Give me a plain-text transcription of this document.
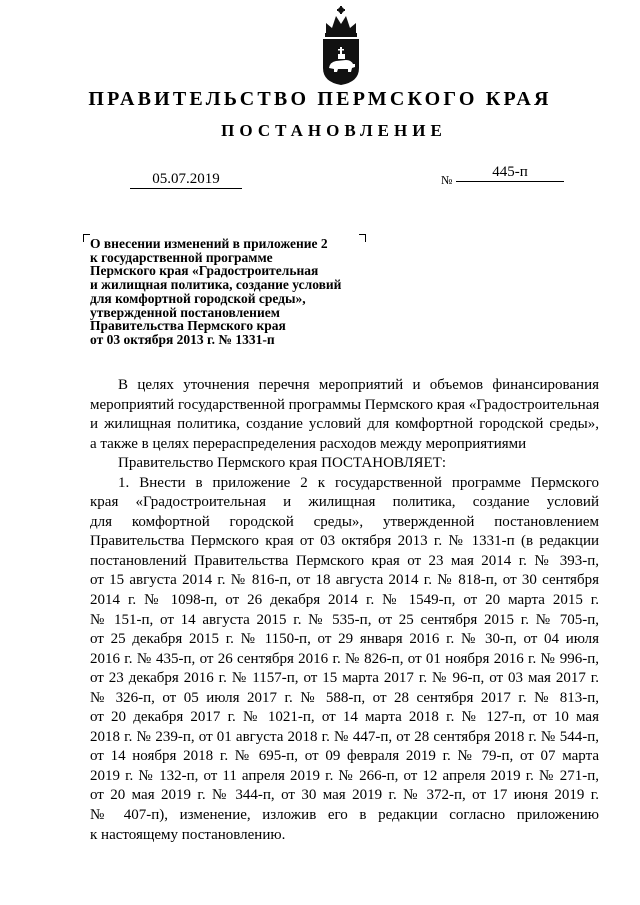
ПРАВИТЕЛЬСТВО ПЕРМСКОГО КРАЯ
ПОСТАНОВЛЕНИЕ
05.07.2019	№	445-п
О внесении изменений в приложение 2
к государственной программе
Пермского края «Градостроительная
и жилищная политика, создание условий
для комфортной городской среды»,
утвержденной постановлением
Правительства Пермского края
от 03 октября 2013 г. № 1331-п
В целях уточнения перечня мероприятий и объемов финансирования
мероприятий государственной программы Пермского края «Градостроительная
и жилищная политика, создание условий для комфортной городской среды»,
а также в целях перераспределения расходов между мероприятиями
Правительство Пермского края ПОСТАНОВЛЯЕТ:
1. Внести в приложение 2 к государственной программе Пермского
края «Градостроительная и жилищная политика, создание условий
для комфортной городской среды», утвержденной постановлением
Правительства Пермского края от 03 октября 2013 г. № 1331-п (в редакции
постановлений Правительства Пермского края от 23 мая 2014 г. № 393-п,
от 15 августа 2014 г. № 816-п, от 18 августа 2014 г. № 818-п, от 30 сентября
2014 г. № 1098-п, от 26 декабря 2014 г. № 1549-п, от 20 марта 2015 г.
№ 151-п, от 14 августа 2015 г. № 535-п, от 25 сентября 2015 г. № 705-п,
от 25 декабря 2015 г. № 1150-п, от 29 января 2016 г. № 30-п, от 04 июля
2016 г. № 435-п, от 26 сентября 2016 г. № 826-п, от 01 ноября 2016 г. № 996-п,
от 23 декабря 2016 г. № 1157-п, от 15 марта 2017 г. № 96-п, от 03 мая 2017 г.
№ 326-п, от 05 июля 2017 г. № 588-п, от 28 сентября 2017 г. № 813-п,
от 20 декабря 2017 г. № 1021-п, от 14 марта 2018 г. № 127-п, от 10 мая
2018 г. № 239-п, от 01 августа 2018 г. № 447-п, от 28 сентября 2018 г. № 544-п,
от 14 ноября 2018 г. № 695-п, от 09 февраля 2019 г. № 79-п, от 07 марта
2019 г. № 132-п, от 11 апреля 2019 г. № 266-п, от 12 апреля 2019 г. № 271-п,
от 20 мая 2019 г. № 344-п, от 30 мая 2019 г. № 372-п, от 17 июня 2019 г.
№ 407-п), изменение, изложив его в редакции согласно приложению
к настоящему постановлению.
